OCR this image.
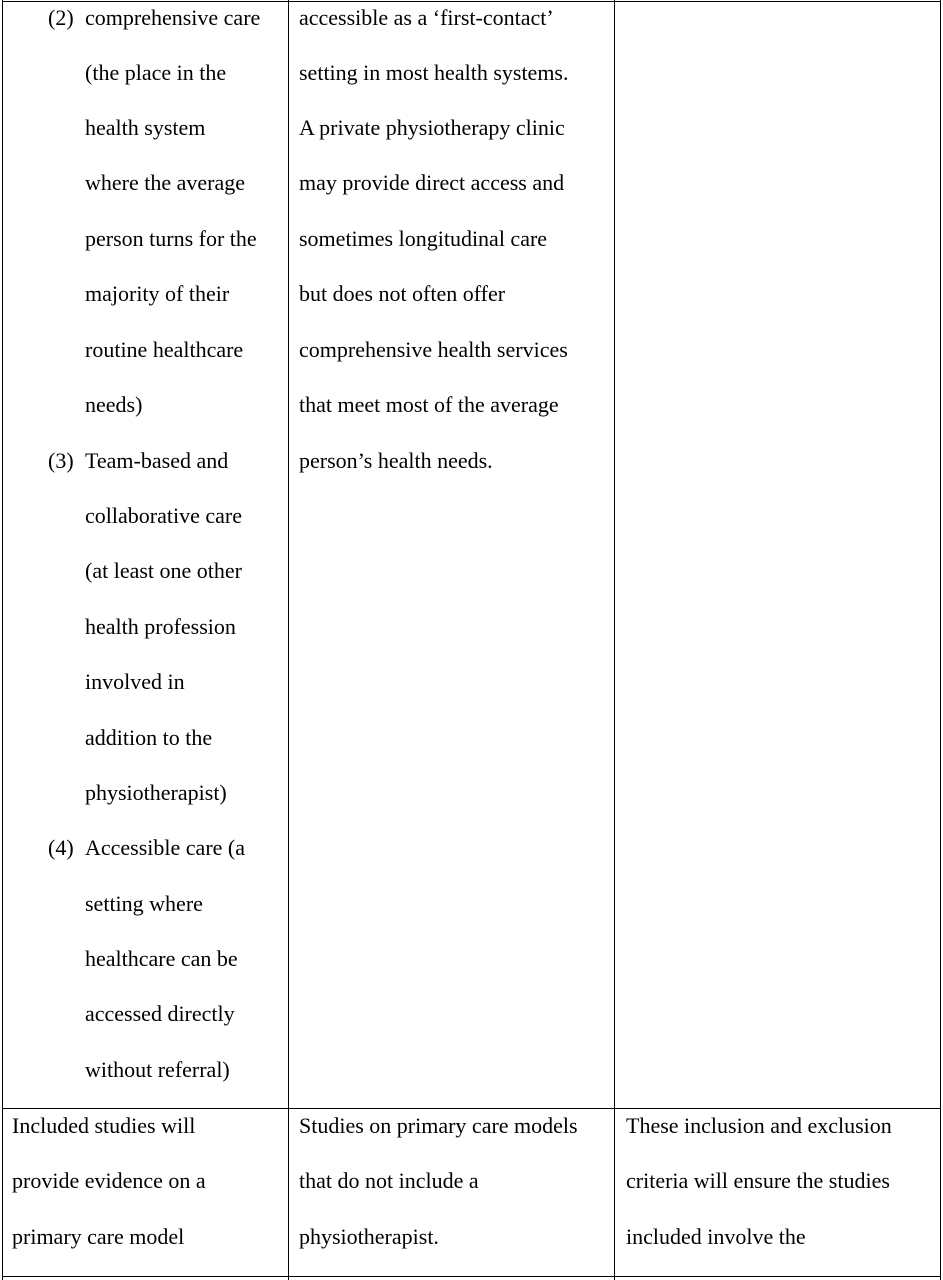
(2) comprehensive care
(the place in the
health system
where the average
person turns for the
majority of their
routine healthcare
needs)
(3) Team-based and
collaborative care
(at least one other
health profession
involved in
addition to the
physiotherapist)
(4) Accessible care (a
setting where
healthcare can be
accessed directly
without referral)
accessible as a ‘first-contact’
setting in most health systems.
A private physiotherapy clinic
may provide direct access and
sometimes longitudinal care
but does not often offer
comprehensive health services
that meet most of the average
person’s health needs.
Included studies will
provide evidence on a
primary care model
Studies on primary care models
that do not include a
physiotherapist.
These inclusion and exclusion
criteria will ensure the studies
included involve the
